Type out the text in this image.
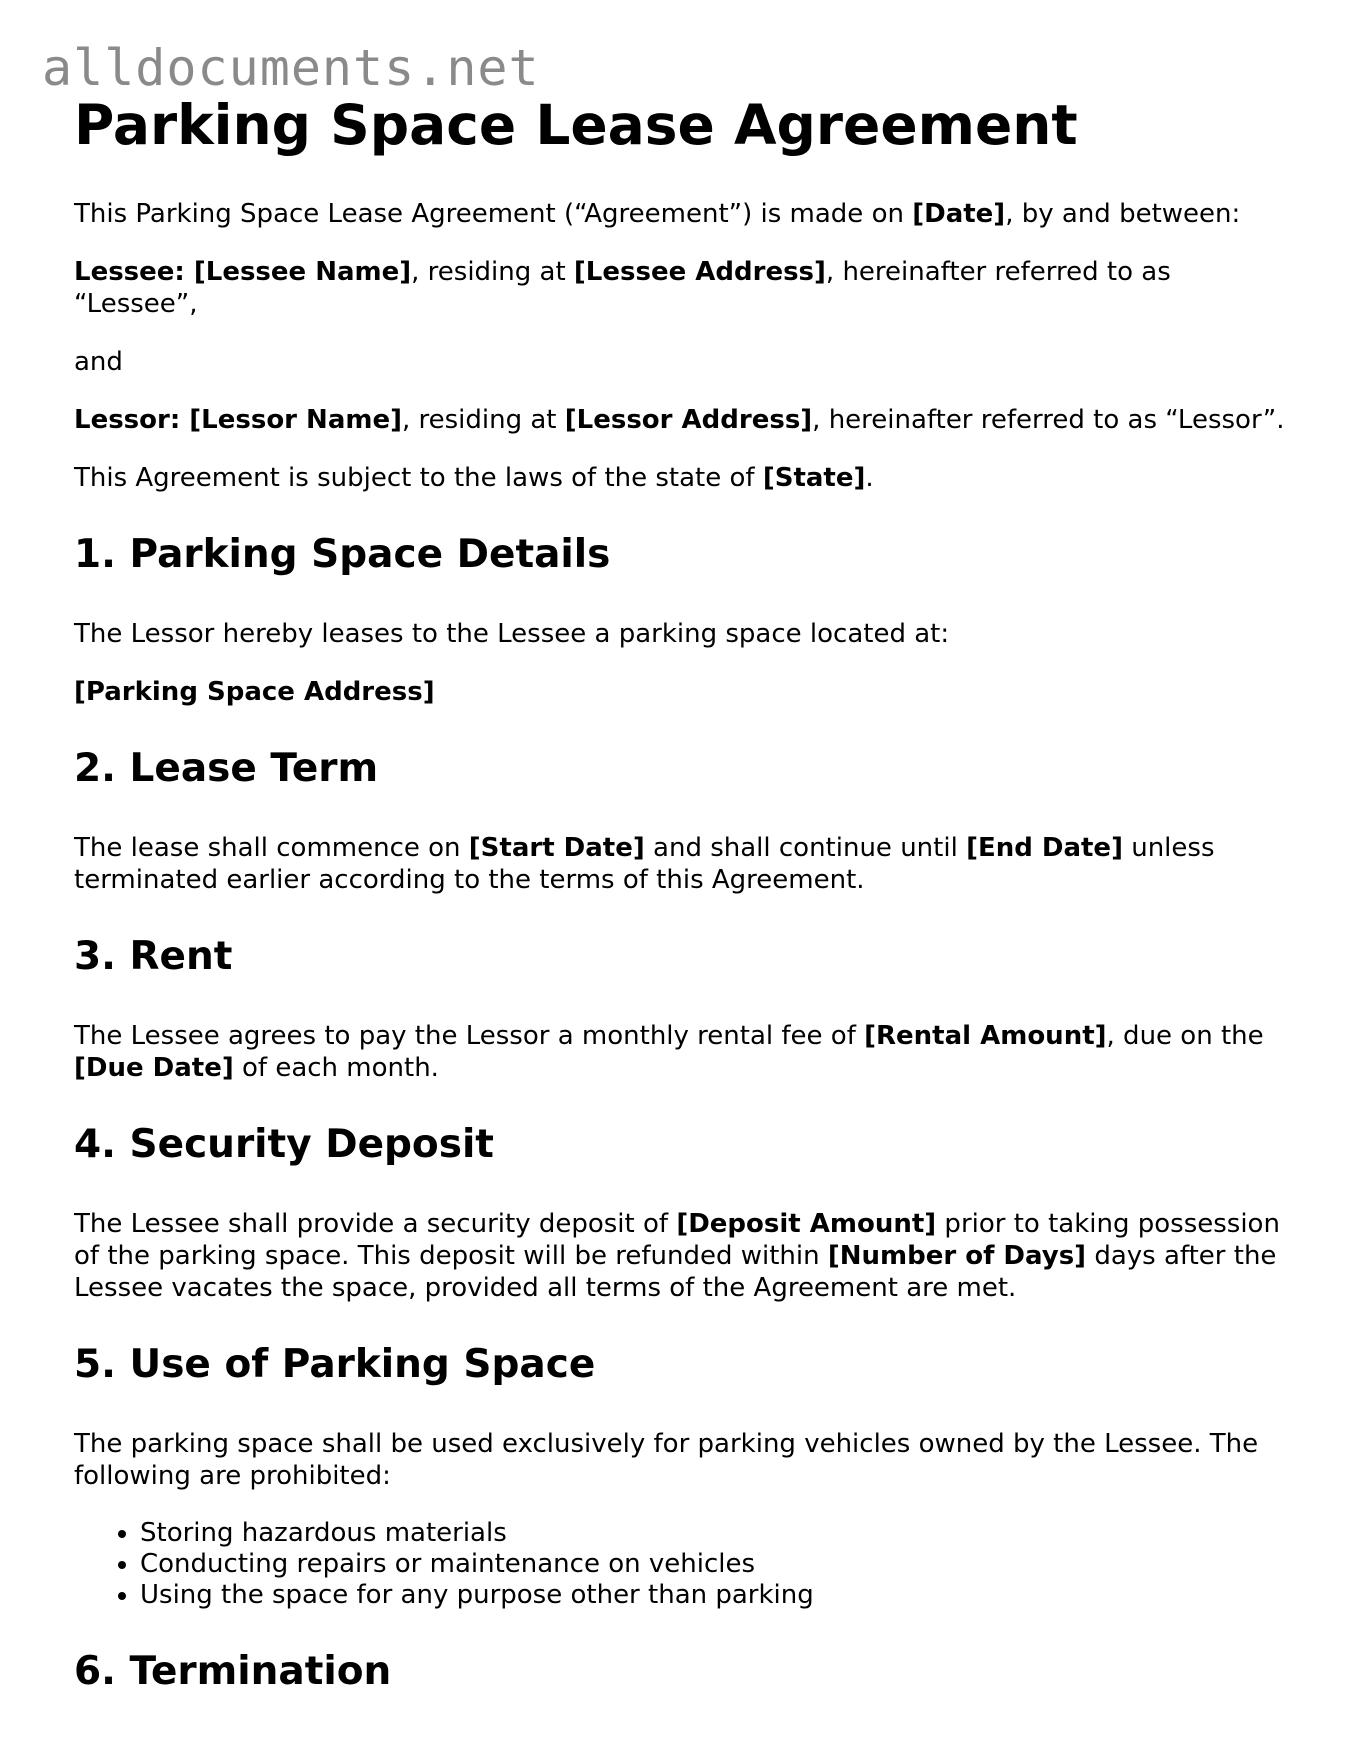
alldocuments.net
Parking Space Lease Agreement

This Parking Space Lease Agreement (“Agreement”) is made on [Date], by and between:

Lessee: [Lessee Name], residing at [Lessee Address], hereinafter referred to as “Lessee”,

and

Lessor: [Lessor Name], residing at [Lessor Address], hereinafter referred to as “Lessor”.

This Agreement is subject to the laws of the state of [State].

1. Parking Space Details

The Lessor hereby leases to the Lessee a parking space located at:

[Parking Space Address]

2. Lease Term

The lease shall commence on [Start Date] and shall continue until [End Date] unless terminated earlier according to the terms of this Agreement.

3. Rent

The Lessee agrees to pay the Lessor a monthly rental fee of [Rental Amount], due on the [Due Date] of each month.

4. Security Deposit

The Lessee shall provide a security deposit of [Deposit Amount] prior to taking possession of the parking space. This deposit will be refunded within [Number of Days] days after the Lessee vacates the space, provided all terms of the Agreement are met.

5. Use of Parking Space

The parking space shall be used exclusively for parking vehicles owned by the Lessee. The following are prohibited:

• Storing hazardous materials
• Conducting repairs or maintenance on vehicles
• Using the space for any purpose other than parking
6. Termination
